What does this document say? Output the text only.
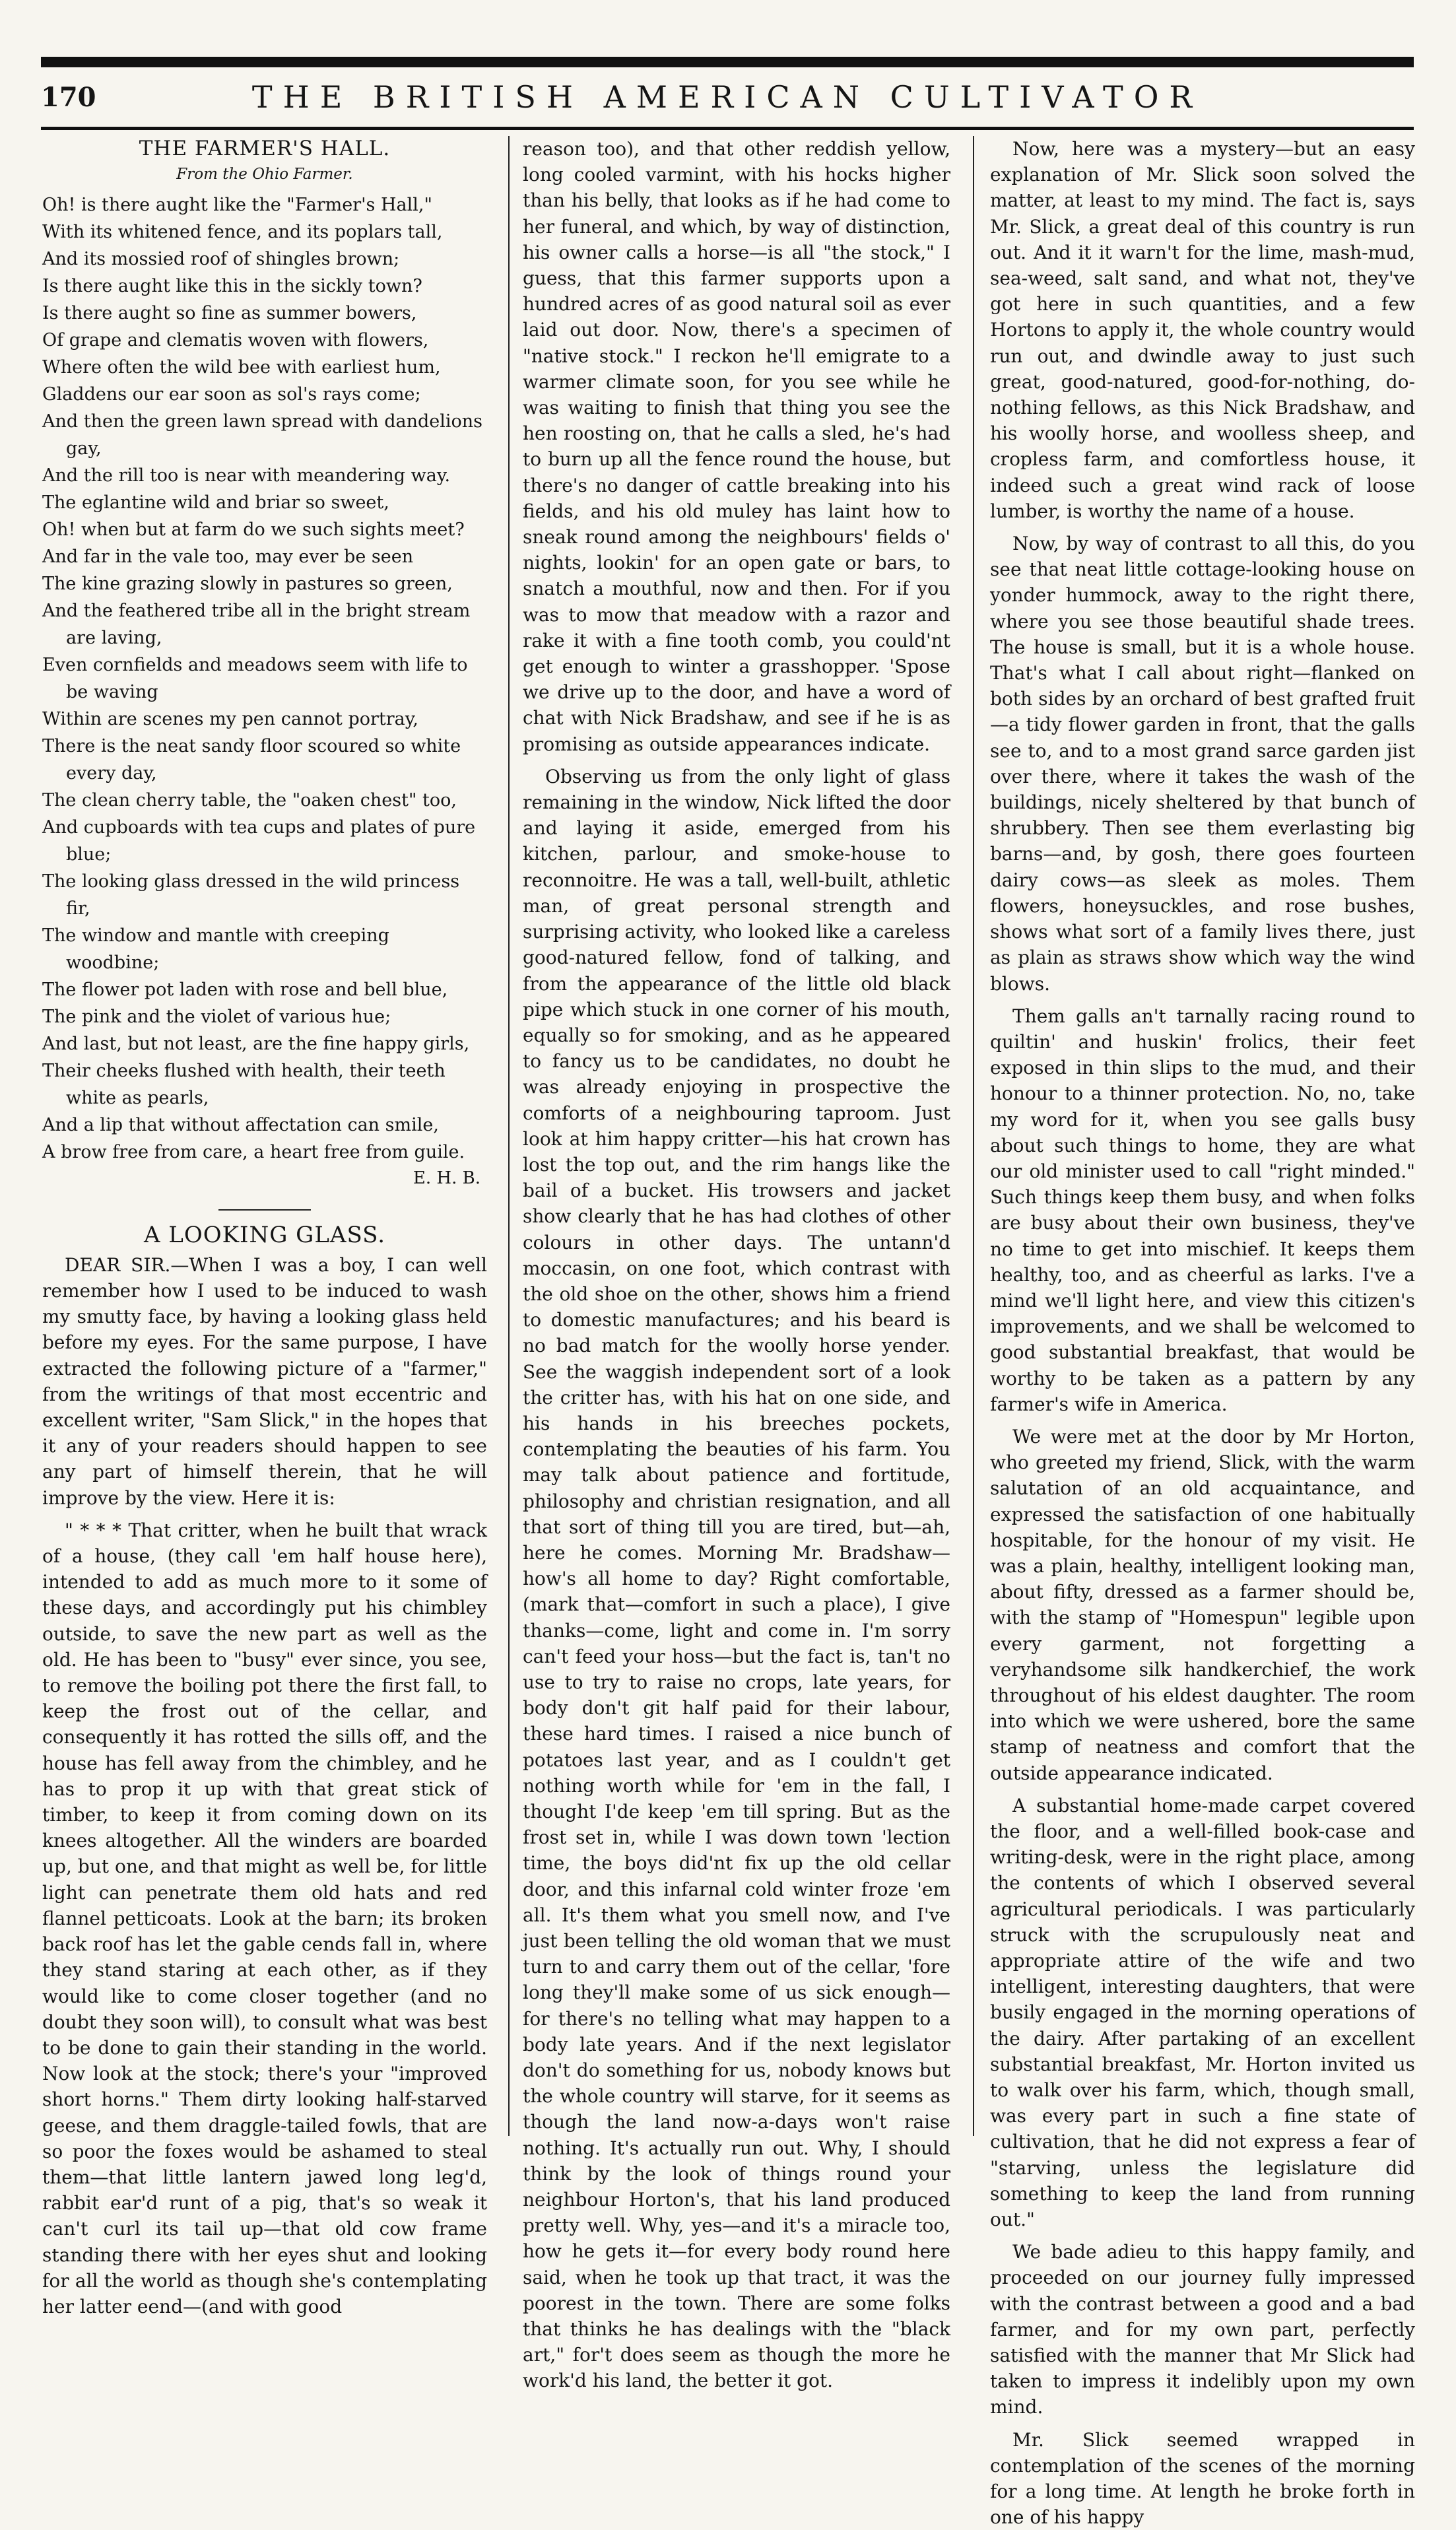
THE BRITISH AMERICAN CULTIVATOR
170

THE FARMER'S HALL.

From the Ohio Farmer.

Oh! is there aught like the "Farmer's Hall,"

With its whitened fence, and its poplars tall,

And its mossied roof of shingles brown;

Is there aught like this in the sickly town?

Is there aught so fine as summer bowers,

Of grape and clematis woven with flowers,

Where often the wild bee with earliest hum,

Gladdens our ear soon as sol's rays come;

And then the green lawn spread with dandelions gay,

And the rill too is near with meandering way.

The eglantine wild and briar so sweet,

Oh! when but at farm do we such sights meet?

And far in the vale too, may ever be seen

The kine grazing slowly in pastures so green,

And the feathered tribe all in the bright stream are laving,

Even cornfields and meadows seem with life to be waving

Within are scenes my pen cannot portray,

There is the neat sandy floor scoured so white every day,

The clean cherry table, the "oaken chest" too,

And cupboards with tea cups and plates of pure blue;

The looking glass dressed in the wild princess fir,

The window and mantle with creeping woodbine;

The flower pot laden with rose and bell blue,

The pink and the violet of various hue;

And last, but not least, are the fine happy girls,

Their cheeks flushed with health, their teeth white as pearls,

And a lip that without affectation can smile,

A brow free from care, a heart free from guile.

E. H. B.

A LOOKING GLASS.

DEAR SIR.—When I was a boy, I can well remember how I used to be induced to wash my smutty face, by having a looking glass held before my eyes. For the same purpose, I have extracted the following picture of a "farmer," from the writings of that most eccentric and excellent writer, "Sam Slick," in the hopes that it any of your readers should happen to see any part of himself therein, that he will improve by the view. Here it is:

" * * * That critter, when he built that wrack of a house, (they call 'em half house here), intended to add as much more to it some of these days, and accordingly put his chimbley outside, to save the new part as well as the old. He has been to "busy" ever since, you see, to remove the boiling pot there the first fall, to keep the frost out of the cellar, and consequently it has rotted the sills off, and the house has fell away from the chimbley, and he has to prop it up with that great stick of timber, to keep it from coming down on its knees altogether. All the winders are boarded up, but one, and that might as well be, for little light can penetrate them old hats and red flannel petticoats. Look at the barn; its broken back roof has let the gable cends fall in, where they stand staring at each other, as if they would like to come closer together (and no doubt they soon will), to consult what was best to be done to gain their standing in the world. Now look at the stock; there's your "improved short horns." Them dirty looking half-starved geese, and them draggle-tailed fowls, that are so poor the foxes would be ashamed to steal them—that little lantern jawed long leg'd, rabbit ear'd runt of a pig, that's so weak it can't curl its tail up—that old cow frame standing there with her eyes shut and looking for all the world as though she's contemplating her latter eend—(and with good

reason too), and that other reddish yellow, long cooled varmint, with his hocks higher than his belly, that looks as if he had come to her funeral, and which, by way of distinction, his owner calls a horse—is all "the stock," I guess, that this farmer supports upon a hundred acres of as good natural soil as ever laid out door. Now, there's a specimen of "native stock." I reckon he'll emigrate to a warmer climate soon, for you see while he was waiting to finish that thing you see the hen roosting on, that he calls a sled, he's had to burn up all the fence round the house, but there's no danger of cattle breaking into his fields, and his old muley has laint how to sneak round among the neighbours' fields o' nights, lookin' for an open gate or bars, to snatch a mouthful, now and then. For if you was to mow that meadow with a razor and rake it with a fine tooth comb, you could'nt get enough to winter a grasshopper. 'Spose we drive up to the door, and have a word of chat with Nick Bradshaw, and see if he is as promising as outside appearances indicate.

Observing us from the only light of glass remaining in the window, Nick lifted the door and laying it aside, emerged from his kitchen, parlour, and smoke-house to reconnoitre. He was a tall, well-built, athletic man, of great personal strength and surprising activity, who looked like a careless good-natured fellow, fond of talking, and from the appearance of the little old black pipe which stuck in one corner of his mouth, equally so for smoking, and as he appeared to fancy us to be candidates, no doubt he was already enjoying in prospective the comforts of a neighbouring taproom. Just look at him happy critter—his hat crown has lost the top out, and the rim hangs like the bail of a bucket. His trowsers and jacket show clearly that he has had clothes of other colours in other days. The untann'd moccasin, on one foot, which contrast with the old shoe on the other, shows him a friend to domestic manufactures; and his beard is no bad match for the woolly horse yender. See the waggish independent sort of a look the critter has, with his hat on one side, and his hands in his breeches pockets, contemplating the beauties of his farm. You may talk about patience and fortitude, philosophy and christian resignation, and all that sort of thing till you are tired, but—ah, here he comes. Morning Mr. Bradshaw—how's all home to day? Right comfortable, (mark that—comfort in such a place), I give thanks—come, light and come in. I'm sorry can't feed your hoss—but the fact is, tan't no use to try to raise no crops, late years, for body don't git half paid for their labour, these hard times. I raised a nice bunch of potatoes last year, and as I couldn't get nothing worth while for 'em in the fall, I thought I'de keep 'em till spring. But as the frost set in, while I was down town 'lection time, the boys did'nt fix up the old cellar door, and this infarnal cold winter froze 'em all. It's them what you smell now, and I've just been telling the old woman that we must turn to and carry them out of the cellar, 'fore long they'll make some of us sick enough—for there's no telling what may happen to a body late years. And if the next legislator don't do something for us, nobody knows but the whole country will starve, for it seems as though the land now-a-days won't raise nothing. It's actually run out. Why, I should think by the look of things round your neighbour Horton's, that his land produced pretty well. Why, yes—and it's a miracle too, how he gets it—for every body round here said, when he took up that tract, it was the poorest in the town. There are some folks that thinks he has dealings with the "black art," for't does seem as though the more he work'd his land, the better it got.

Now, here was a mystery—but an easy explanation of Mr. Slick soon solved the matter, at least to my mind. The fact is, says Mr. Slick, a great deal of this country is run out. And it it warn't for the lime, mash-mud, sea-weed, salt sand, and what not, they've got here in such quantities, and a few Hortons to apply it, the whole country would run out, and dwindle away to just such great, good-natured, good-for-nothing, do-nothing fellows, as this Nick Bradshaw, and his woolly horse, and woolless sheep, and cropless farm, and comfortless house, it indeed such a great wind rack of loose lumber, is worthy the name of a house.

Now, by way of contrast to all this, do you see that neat little cottage-looking house on yonder hummock, away to the right there, where you see those beautiful shade trees. The house is small, but it is a whole house. That's what I call about right—flanked on both sides by an orchard of best grafted fruit—a tidy flower garden in front, that the galls see to, and to a most grand sarce garden jist over there, where it takes the wash of the buildings, nicely sheltered by that bunch of shrubbery. Then see them everlasting big barns—and, by gosh, there goes fourteen dairy cows—as sleek as moles. Them flowers, honeysuckles, and rose bushes, shows what sort of a family lives there, just as plain as straws show which way the wind blows.

Them galls an't tarnally racing round to quiltin' and huskin' frolics, their feet exposed in thin slips to the mud, and their honour to a thinner protection. No, no, take my word for it, when you see galls busy about such things to home, they are what our old minister used to call "right minded." Such things keep them busy, and when folks are busy about their own business, they've no time to get into mischief. It keeps them healthy, too, and as cheerful as larks. I've a mind we'll light here, and view this citizen's improvements, and we shall be welcomed to good substantial breakfast, that would be worthy to be taken as a pattern by any farmer's wife in America.

We were met at the door by Mr Horton, who greeted my friend, Slick, with the warm salutation of an old acquaintance, and expressed the satisfaction of one habitually hospitable, for the honour of my visit. He was a plain, healthy, intelligent looking man, about fifty, dressed as a farmer should be, with the stamp of "Homespun" legible upon every garment, not forgetting a veryhandsome silk handkerchief, the work throughout of his eldest daughter. The room into which we were ushered, bore the same stamp of neatness and comfort that the outside appearance indicated.

A substantial home-made carpet covered the floor, and a well-filled book-case and writing-desk, were in the right place, among the contents of which I observed several agricultural periodicals. I was particularly struck with the scrupulously neat and appropriate attire of the wife and two intelligent, interesting daughters, that were busily engaged in the morning operations of the dairy. After partaking of an excellent substantial breakfast, Mr. Horton invited us to walk over his farm, which, though small, was every part in such a fine state of cultivation, that he did not express a fear of "starving, unless the legislature did something to keep the land from running out."

We bade adieu to this happy family, and proceeded on our journey fully impressed with the contrast between a good and a bad farmer, and for my own part, perfectly satisfied with the manner that Mr Slick had taken to impress it indelibly upon my own mind.

Mr. Slick seemed wrapped in contemplation of the scenes of the morning for a long time. At length he broke forth in one of his happy
